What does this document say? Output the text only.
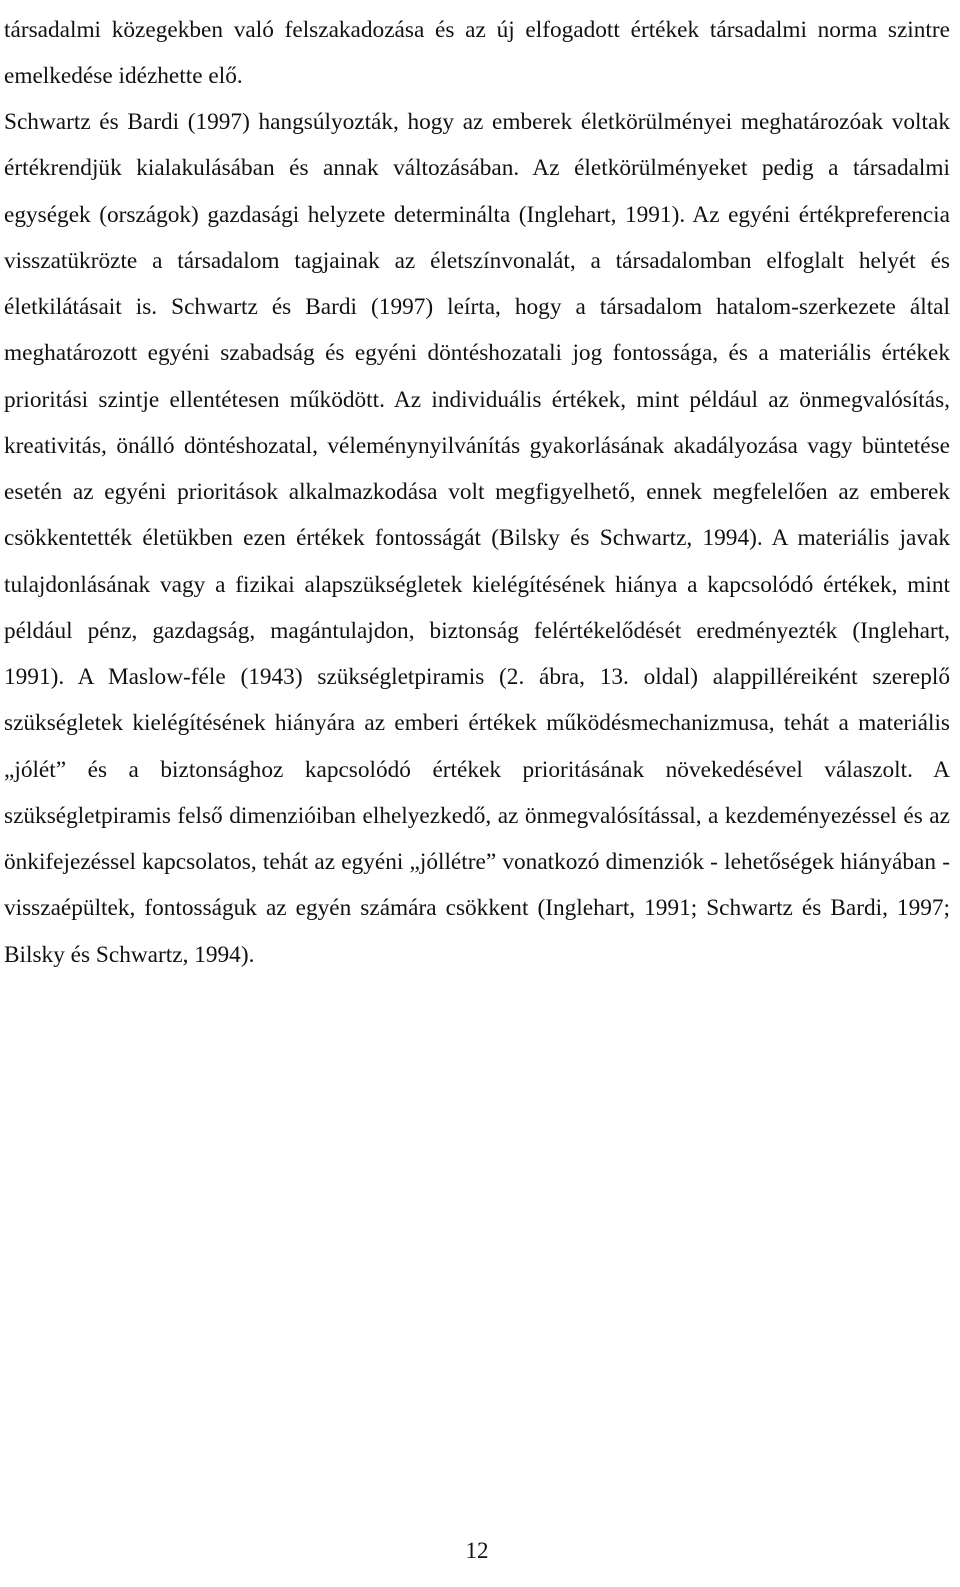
társadalmi közegekben való felszakadozása és az új elfogadott értékek társadalmi norma szintre emelkedése idézhette elő.

Schwartz és Bardi (1997) hangsúlyozták, hogy az emberek életkörülményei meghatározóak voltak értékrendjük kialakulásában és annak változásában. Az életkörülményeket pedig a társadalmi egységek (országok) gazdasági helyzete determinálta (Inglehart, 1991). Az egyéni értékpreferencia visszatükrözte a társadalom tagjainak az életszínvonalát, a társadalomban elfoglalt helyét és életkilátásait is. Schwartz és Bardi (1997) leírta, hogy a társadalom hatalom-szerkezete által meghatározott egyéni szabadság és egyéni döntéshozatali jog fontossága, és a materiális értékek prioritási szintje ellentétesen működött. Az individuális értékek, mint például az önmegvalósítás, kreativitás, önálló döntéshozatal, véleménynyilvánítás gyakorlásának akadályozása vagy büntetése esetén az egyéni prioritások alkalmazkodása volt megfigyelhető, ennek megfelelően az emberek csökkentették életükben ezen értékek fontosságát (Bilsky és Schwartz, 1994). A materiális javak tulajdonlásának vagy a fizikai alapszükségletek kielégítésének hiánya a kapcsolódó értékek, mint például pénz, gazdagság, magántulajdon, biztonság felértékelődését eredményezték (Inglehart, 1991). A Maslow-féle (1943) szükségletpiramis (2. ábra, 13. oldal) alappilléreiként szereplő szükségletek kielégítésének hiányára az emberi értékek működésmechanizmusa, tehát a materiális „jólét” és a biztonsághoz kapcsolódó értékek prioritásának növekedésével válaszolt. A szükségletpiramis felső dimenzióiban elhelyezkedő, az önmegvalósítással, a kezdeményezéssel és az önkifejezéssel kapcsolatos, tehát az egyéni „jóllétre” vonatkozó dimenziók - lehetőségek hiányában - visszaépültek, fontosságuk az egyén számára csökkent (Inglehart, 1991; Schwartz és Bardi, 1997; Bilsky és Schwartz, 1994).

12
